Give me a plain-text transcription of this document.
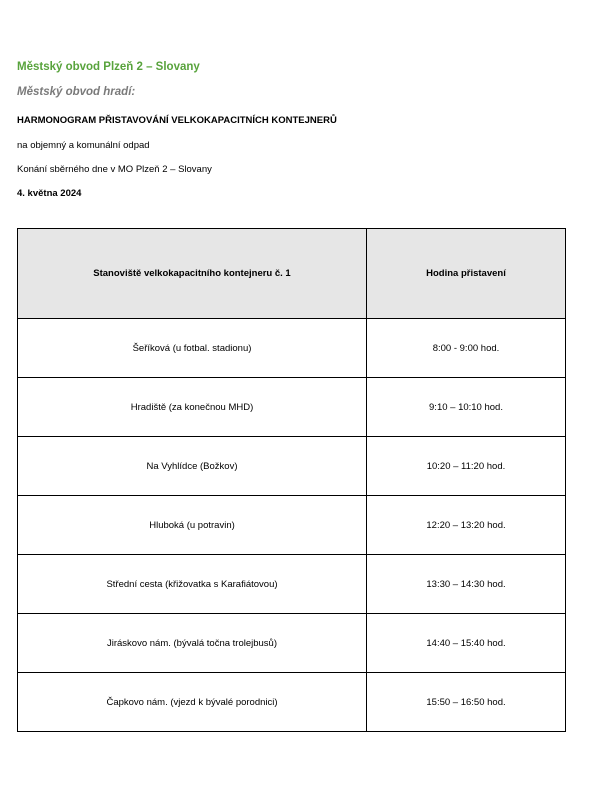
Městský obvod Plzeň 2 – Slovany
Městský obvod hradí:
HARMONOGRAM PŘISTAVOVÁNÍ VELKOKAPACITNÍCH KONTEJNERŮ
na objemný a komunální odpad
Konání sběrného dne v MO Plzeň 2 – Slovany
4. května 2024
Stanoviště velkokapacitního kontejneru č. 1	Hodina přistavení
Šeříková (u fotbal. stadionu)	8:00 - 9:00 hod.
Hradiště (za konečnou MHD)	9:10 – 10:10 hod.
Na Vyhlídce (Božkov)	10:20 – 11:20 hod.
Hluboká (u potravin)	12:20 – 13:20 hod.
Střední cesta (křižovatka s Karafiátovou)	13:30 – 14:30 hod.
Jiráskovo nám. (bývalá točna trolejbusů)	14:40 – 15:40 hod.
Čapkovo nám. (vjezd k bývalé porodnici)	15:50 – 16:50 hod.
